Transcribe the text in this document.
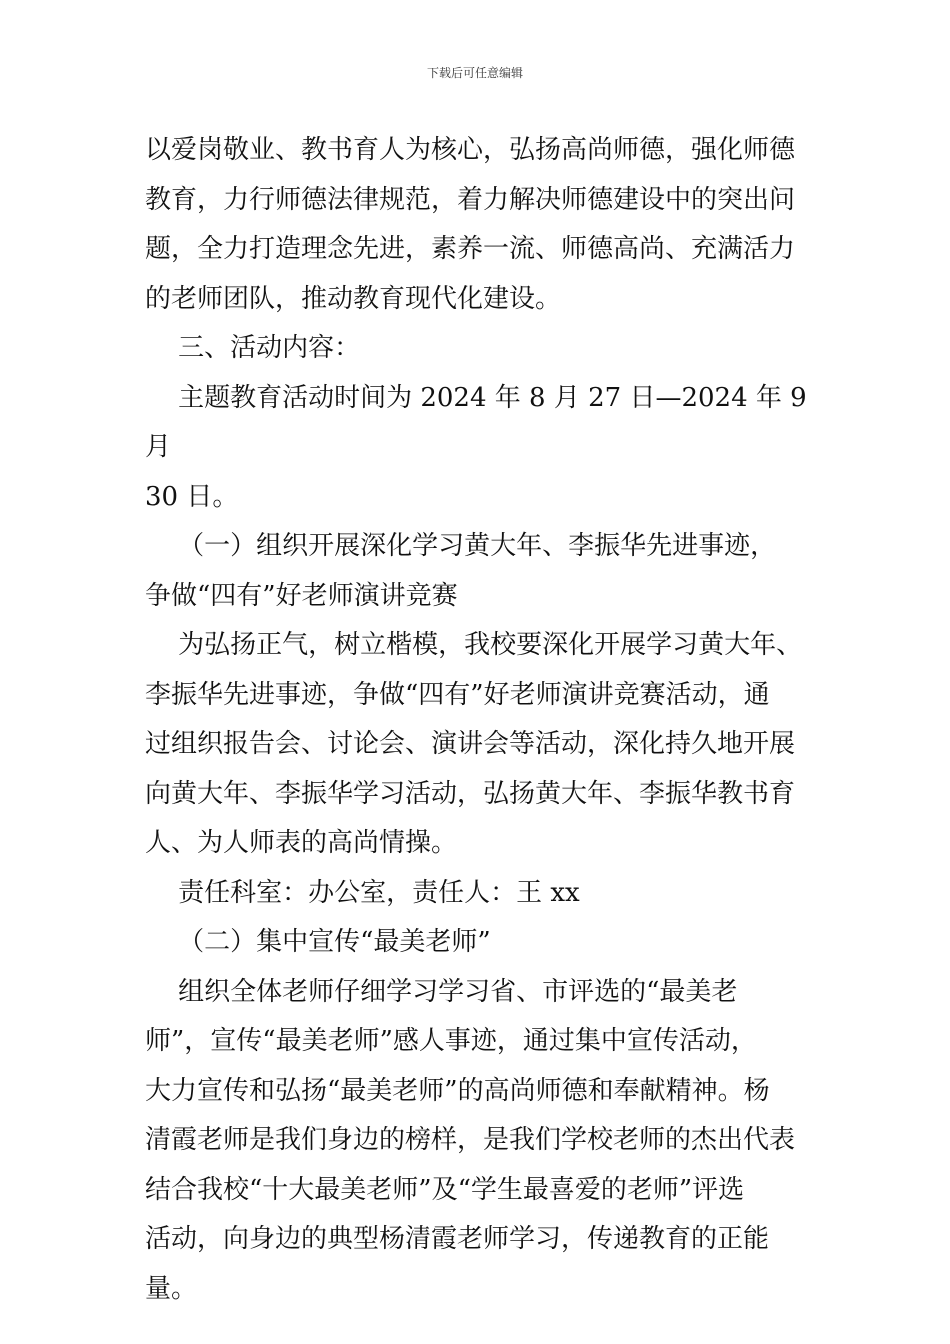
下载后可任意编辑

以爱岗敬业、教书育人为核心，弘扬高尚师德，强化师德

教育，力行师德法律规范，着力解决师德建设中的突出问

题，全力打造理念先进，素养一流、师德高尚、充满活力

的老师团队，推动教育现代化建设。

三、活动内容：

主题教育活动时间为 2024 年 8 月 27 日—2024 年 9 月

30 日。

（一）组织开展深化学习黄大年、李振华先进事迹，

争做“四有”好老师演讲竞赛

为弘扬正气，树立楷模，我校要深化开展学习黄大年、

李振华先进事迹，争做“四有”好老师演讲竞赛活动，通

过组织报告会、讨论会、演讲会等活动，深化持久地开展

向黄大年、李振华学习活动，弘扬黄大年、李振华教书育

人、为人师表的高尚情操。

责任科室：办公室，责任人：王 xx

（二）集中宣传“最美老师”

组织全体老师仔细学习学习省、市评选的“最美老

师”，宣传“最美老师”感人事迹，通过集中宣传活动，

大力宣传和弘扬“最美老师”的高尚师德和奉献精神。杨

清霞老师是我们身边的榜样，是我们学校老师的杰出代表

结合我校“十大最美老师”及“学生最喜爱的老师”评选

活动，向身边的典型杨清霞老师学习，传递教育的正能量。
